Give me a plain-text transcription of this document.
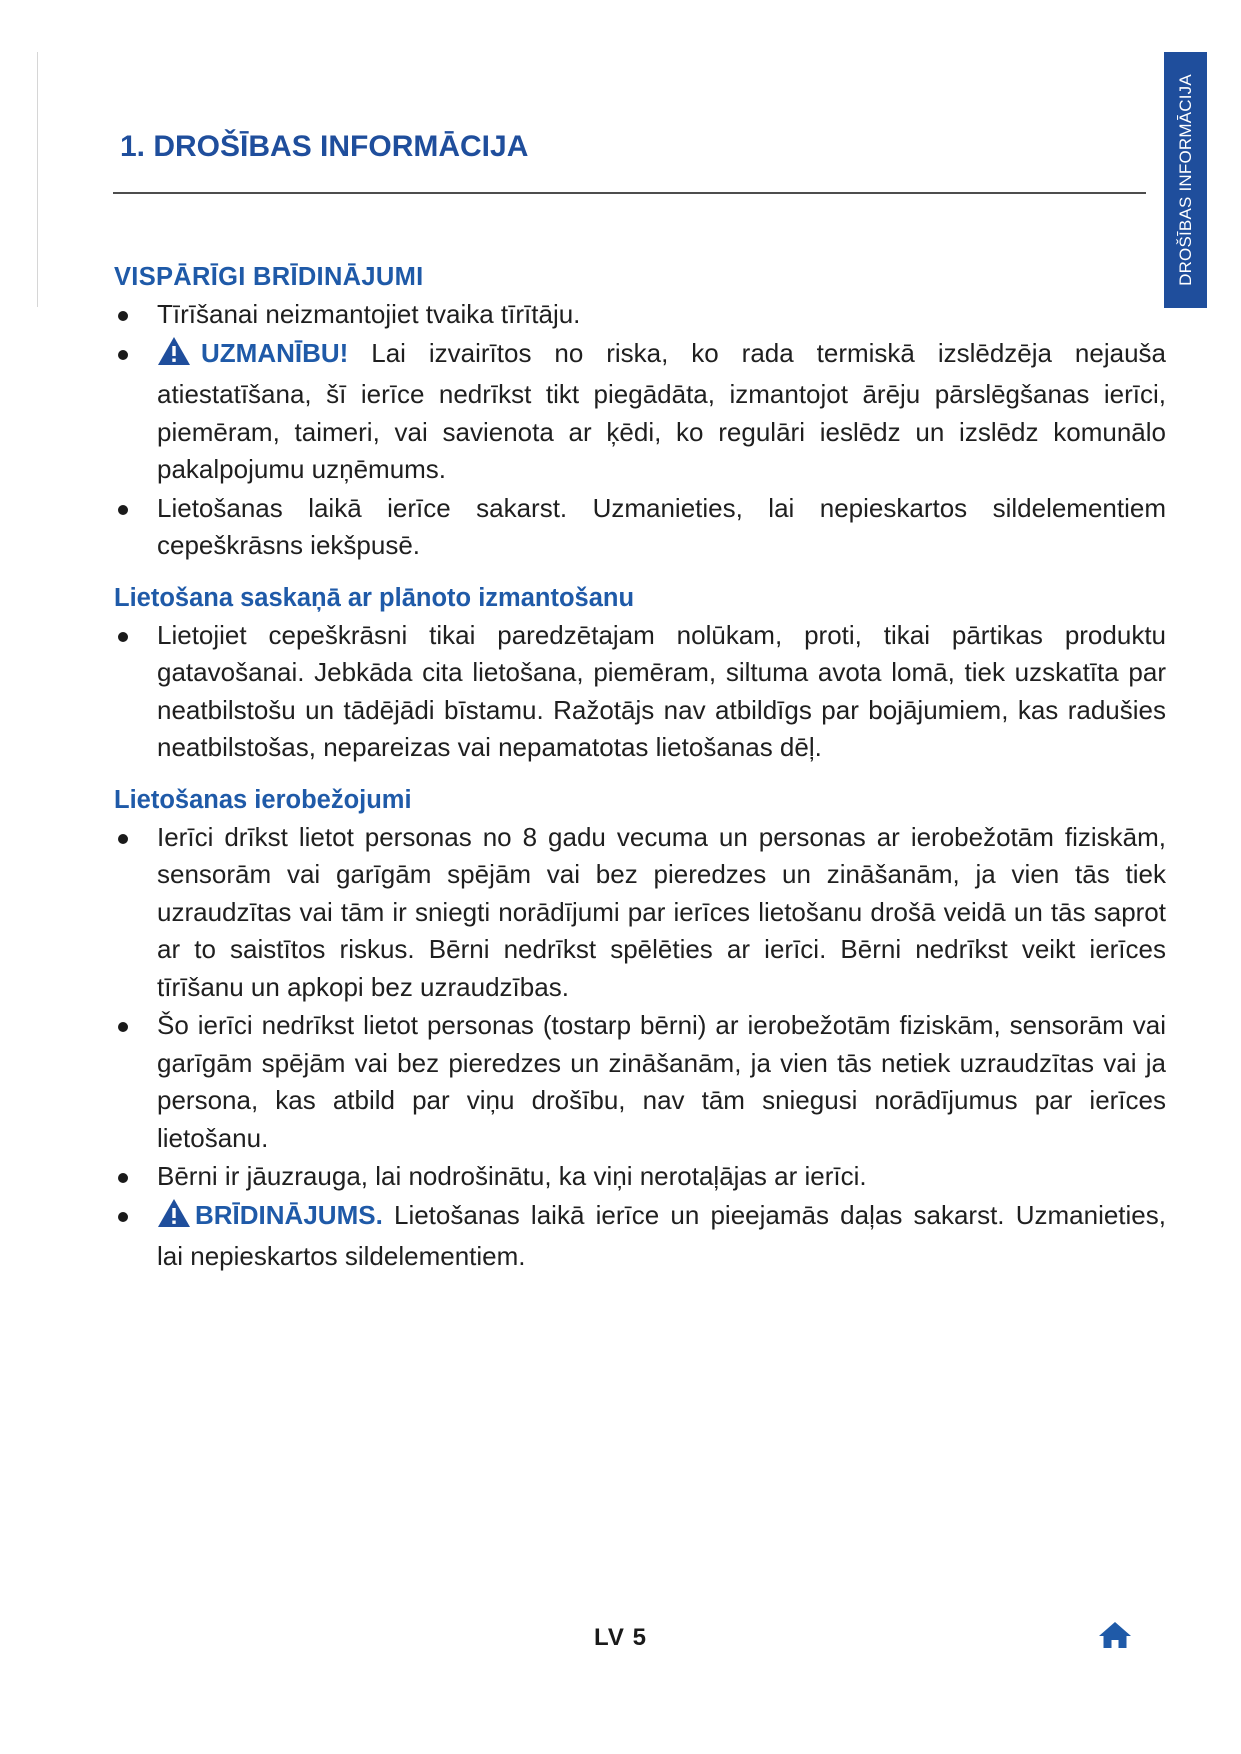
DROŠĪBAS INFORMĀCIJA
1. DROŠĪBAS INFORMĀCIJA
VISPĀRĪGI BRĪDINĀJUMI
Tīrīšanai neizmantojiet tvaika tīrītāju.
UZMANĪBU! Lai izvairītos no riska, ko rada termiskā izslēdzēja nejauša atiestatīšana, šī ierīce nedrīkst tikt piegādāta, izmantojot ārēju pārslēgšanas ierīci, piemēram, taimeri, vai savienota ar ķēdi, ko regulāri ieslēdz un izslēdz komunālo pakalpojumu uzņēmums.
Lietošanas laikā ierīce sakarst. Uzmanieties, lai nepieskartos sildelementiem cepeškrāsns iekšpusē.
Lietošana saskaņā ar plānoto izmantošanu
Lietojiet cepeškrāsni tikai paredzētajam nolūkam, proti, tikai pārtikas produktu gatavošanai. Jebkāda cita lietošana, piemēram, siltuma avota lomā, tiek uzskatīta par neatbilstošu un tādējādi bīstamu. Ražotājs nav atbildīgs par bojājumiem, kas radušies neatbilstošas, nepareizas vai nepamatotas lietošanas dēļ.
Lietošanas ierobežojumi
Ierīci drīkst lietot personas no 8 gadu vecuma un personas ar ierobežotām fiziskām, sensorām vai garīgām spējām vai bez pieredzes un zināšanām, ja vien tās tiek uzraudzītas vai tām ir sniegti norādījumi par ierīces lietošanu drošā veidā un tās saprot ar to saistītos riskus. Bērni nedrīkst spēlēties ar ierīci. Bērni nedrīkst veikt ierīces tīrīšanu un apkopi bez uzraudzības.
Šo ierīci nedrīkst lietot personas (tostarp bērni) ar ierobežotām fiziskām, sensorām vai garīgām spējām vai bez pieredzes un zināšanām, ja vien tās netiek uzraudzītas vai ja persona, kas atbild par viņu drošību, nav tām sniegusi norādījumus par ierīces lietošanu.
Bērni ir jāuzrauga, lai nodrošinātu, ka viņi nerotaļājas ar ierīci.
BRĪDINĀJUMS. Lietošanas laikā ierīce un pieejamās daļas sakarst. Uzmanieties, lai nepieskartos sildelementiem.
LV 5
